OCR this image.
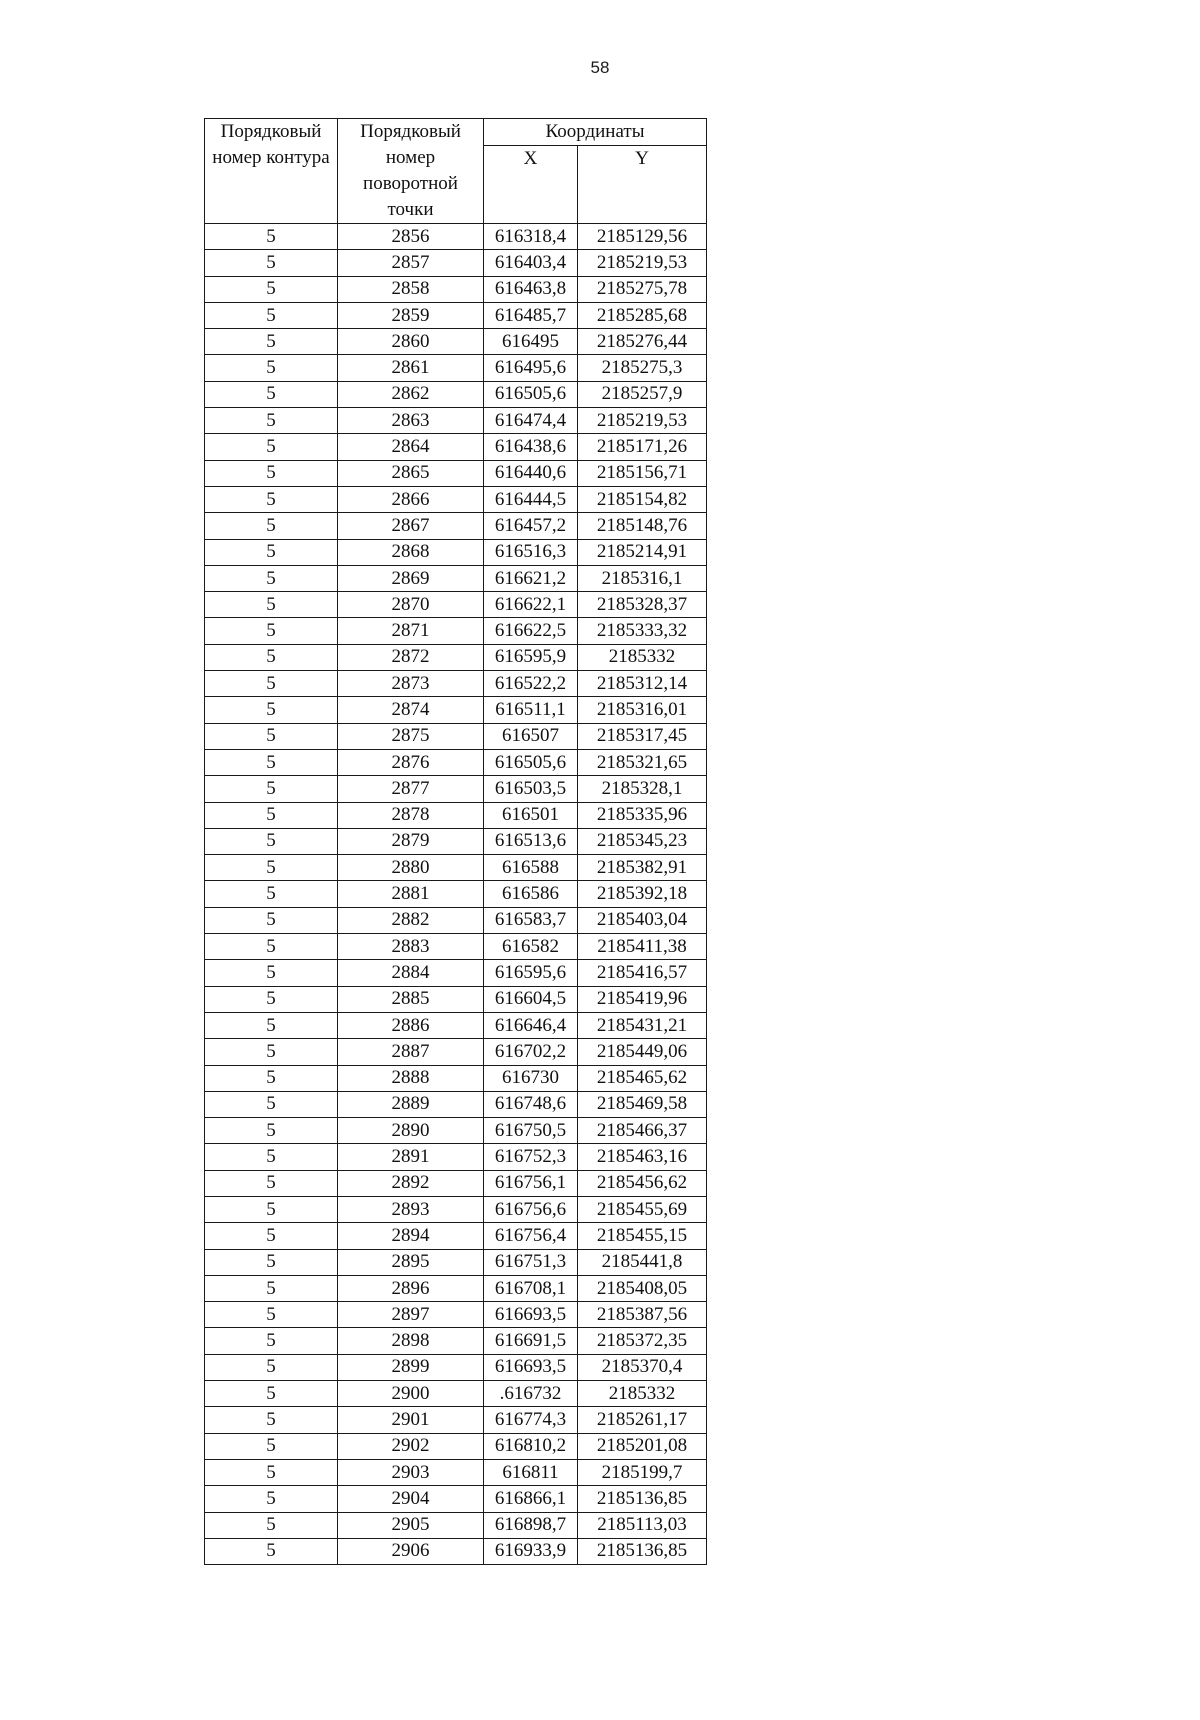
58
Порядковый номер контура	Порядковый номер поворотной точки	Координаты	
		X	Y
5	2856	616318,4	2185129,56
5	2857	616403,4	2185219,53
5	2858	616463,8	2185275,78
5	2859	616485,7	2185285,68
5	2860	616495	2185276,44
5	2861	616495,6	2185275,3
5	2862	616505,6	2185257,9
5	2863	616474,4	2185219,53
5	2864	616438,6	2185171,26
5	2865	616440,6	2185156,71
5	2866	616444,5	2185154,82
5	2867	616457,2	2185148,76
5	2868	616516,3	2185214,91
5	2869	616621,2	2185316,1
5	2870	616622,1	2185328,37
5	2871	616622,5	2185333,32
5	2872	616595,9	2185332
5	2873	616522,2	2185312,14
5	2874	616511,1	2185316,01
5	2875	616507	2185317,45
5	2876	616505,6	2185321,65
5	2877	616503,5	2185328,1
5	2878	616501	2185335,96
5	2879	616513,6	2185345,23
5	2880	616588	2185382,91
5	2881	616586	2185392,18
5	2882	616583,7	2185403,04
5	2883	616582	2185411,38
5	2884	616595,6	2185416,57
5	2885	616604,5	2185419,96
5	2886	616646,4	2185431,21
5	2887	616702,2	2185449,06
5	2888	616730	2185465,62
5	2889	616748,6	2185469,58
5	2890	616750,5	2185466,37
5	2891	616752,3	2185463,16
5	2892	616756,1	2185456,62
5	2893	616756,6	2185455,69
5	2894	616756,4	2185455,15
5	2895	616751,3	2185441,8
5	2896	616708,1	2185408,05
5	2897	616693,5	2185387,56
5	2898	616691,5	2185372,35
5	2899	616693,5	2185370,4
5	2900	.616732	2185332
5	2901	616774,3	2185261,17
5	2902	616810,2	2185201,08
5	2903	616811	2185199,7
5	2904	616866,1	2185136,85
5	2905	616898,7	2185113,03
5	2906	616933,9	2185136,85
